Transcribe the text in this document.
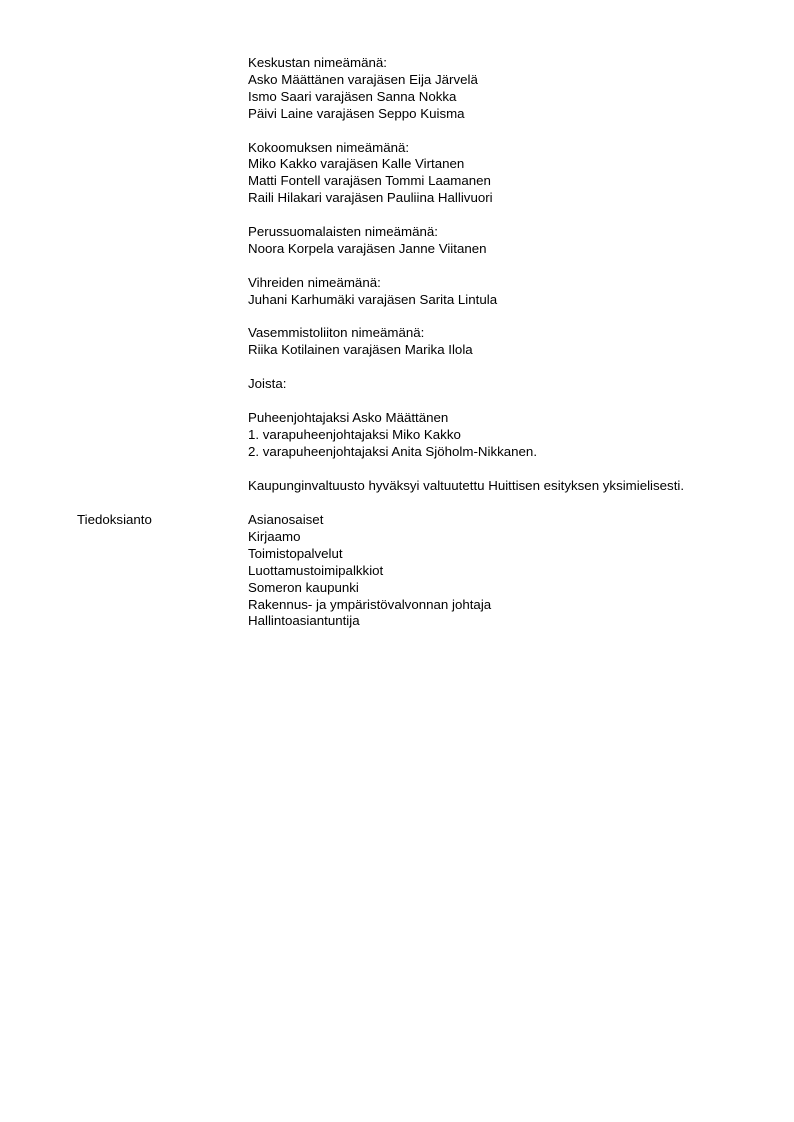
Keskustan nimeämänä:
Asko Määttänen varajäsen Eija Järvelä
Ismo Saari varajäsen Sanna Nokka
Päivi Laine varajäsen Seppo Kuisma
Kokoomuksen nimeämänä:
Miko Kakko varajäsen Kalle Virtanen
Matti Fontell varajäsen Tommi Laamanen
Raili Hilakari varajäsen Pauliina Hallivuori
Perussuomalaisten nimeämänä:
Noora Korpela varajäsen Janne Viitanen
Vihreiden nimeämänä:
Juhani Karhumäki varajäsen Sarita Lintula
Vasemmistoliiton nimeämänä:
Riika Kotilainen varajäsen Marika Ilola
Joista:
Puheenjohtajaksi Asko Määttänen
1. varapuheenjohtajaksi Miko Kakko
2. varapuheenjohtajaksi Anita Sjöholm-Nikkanen.
Kaupunginvaltuusto hyväksyi valtuutettu Huittisen esityksen yksimielisesti.
Tiedoksianto	Asianosaiset
Kirjaamo
Toimistopalvelut
Luottamustoimipalkkiot
Someron kaupunki
Rakennus- ja ympäristövalvonnan johtaja
Hallintoasiantuntija
